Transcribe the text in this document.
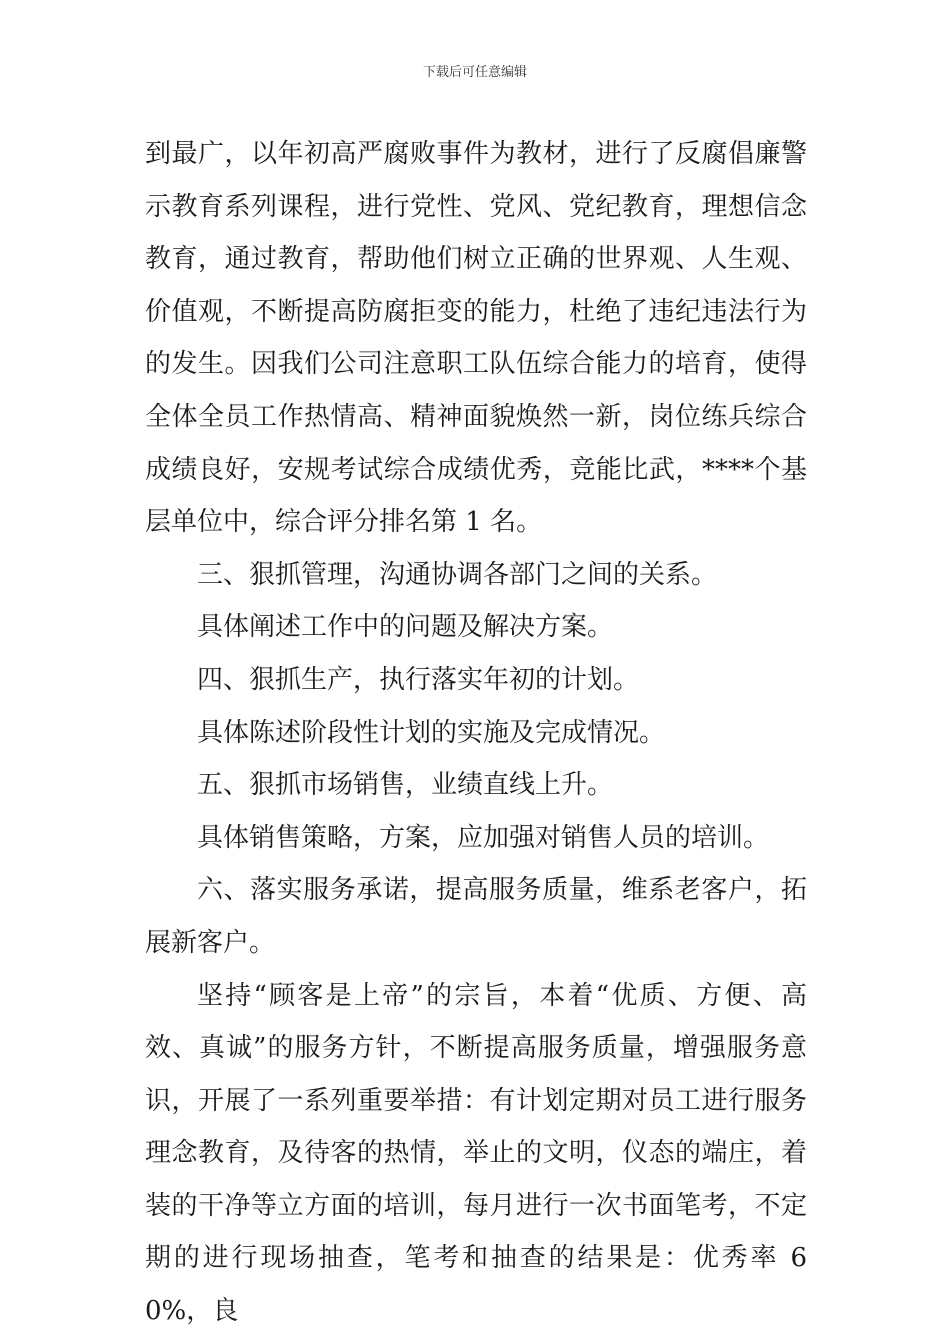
下载后可任意编辑

到最广，以年初高严腐败事件为教材，进行了反腐倡廉警示教育系列课程，进行党性、党风、党纪教育，理想信念教育，通过教育，帮助他们树立正确的世界观、人生观、价值观，不断提高防腐拒变的能力，杜绝了违纪违法行为的发生。因我们公司注意职工队伍综合能力的培育，使得全体全员工作热情高、精神面貌焕然一新，岗位练兵综合成绩良好，安规考试综合成绩优秀，竞能比武，****个基层单位中，综合评分排名第 1 名。

三、狠抓管理，沟通协调各部门之间的关系。

具体阐述工作中的问题及解决方案。

四、狠抓生产，执行落实年初的计划。

具体陈述阶段性计划的实施及完成情况。

五、狠抓市场销售，业绩直线上升。

具体销售策略，方案，应加强对销售人员的培训。

六、落实服务承诺，提高服务质量，维系老客户，拓展新客户。

坚持“顾客是上帝”的宗旨，本着“优质、方便、高效、真诚”的服务方针，不断提高服务质量，增强服务意识，开展了一系列重要举措：有计划定期对员工进行服务理念教育，及待客的热情，举止的文明，仪态的端庄，着装的干净等立方面的培训，每月进行一次书面笔考，不定期的进行现场抽查，笔考和抽查的结果是：优秀率 60%，良
